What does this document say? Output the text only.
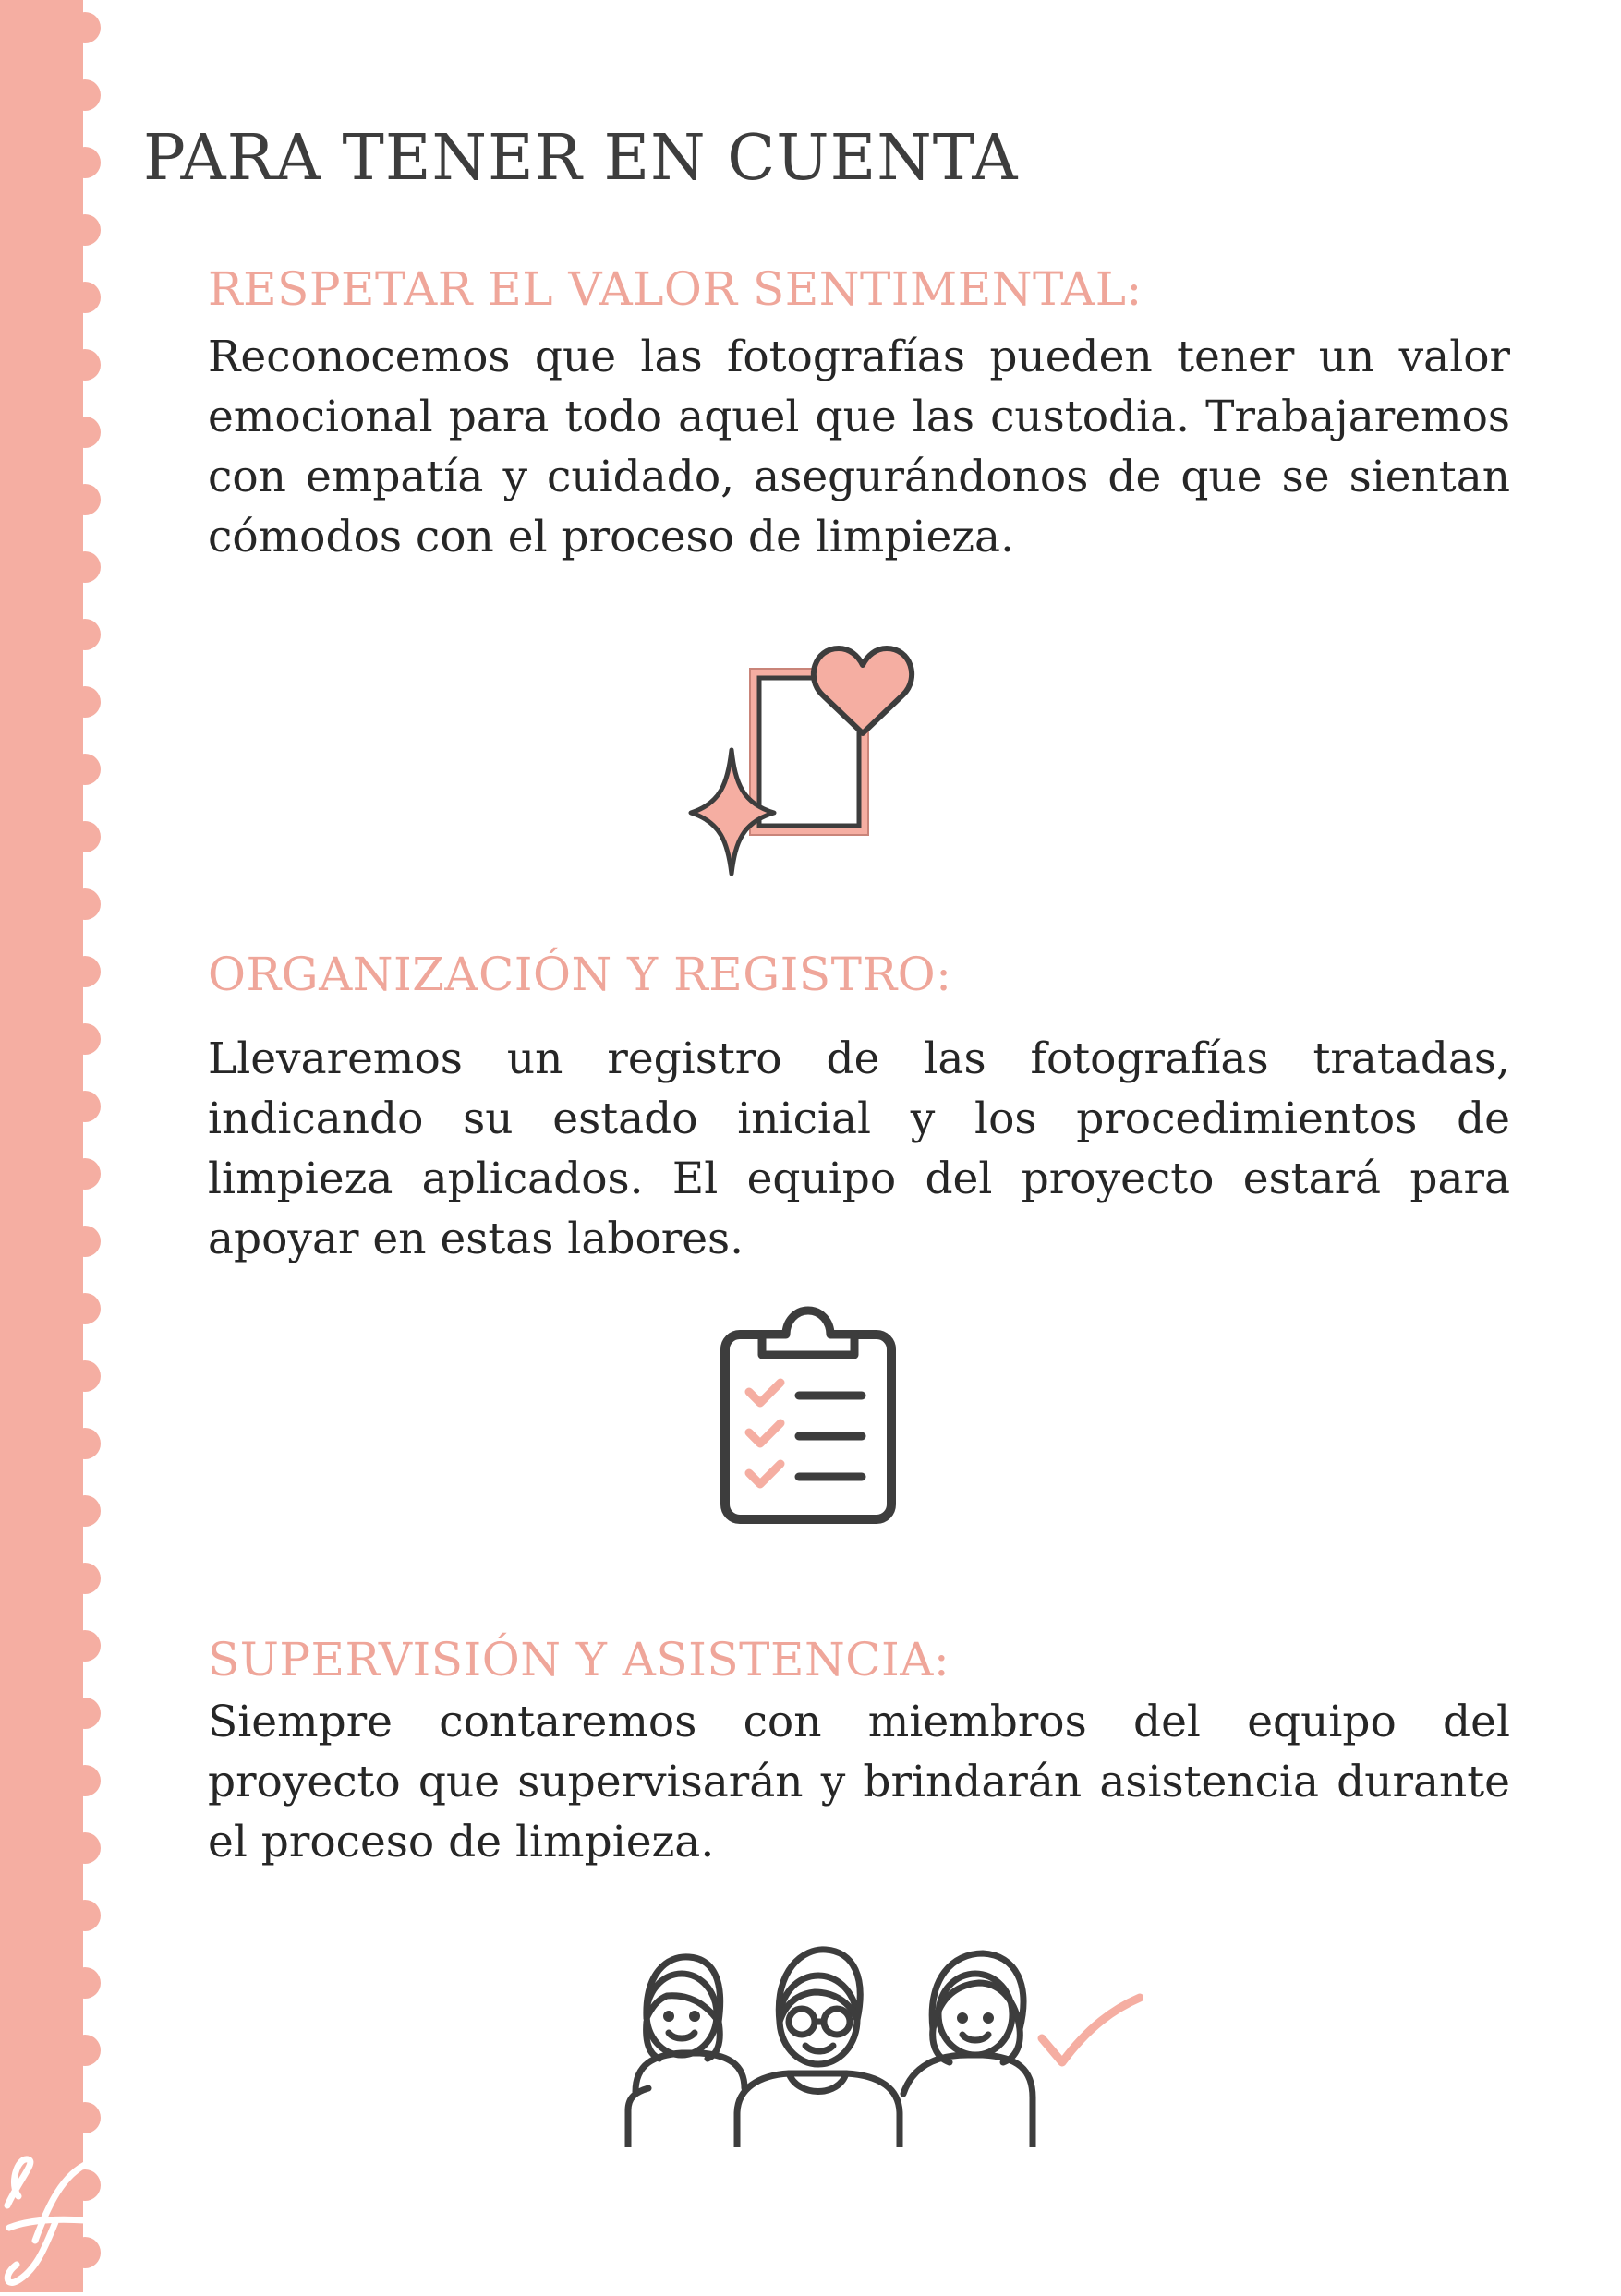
PARA TENER EN CUENTA
RESPETAR EL VALOR SENTIMENTAL:

Reconocemos que las fotografías pueden tener un valor emocional para todo aquel que las custodia. Trabajaremos con empatía y cuidado, asegurándonos de que se sientan cómodos con el proceso de limpieza.

ORGANIZACIÓN Y REGISTRO:

Llevaremos un registro de las fotografías tratadas, indicando su estado inicial y los procedimientos de limpieza aplicados. El equipo del proyecto estará para apoyar en estas labores.

SUPERVISIÓN Y ASISTENCIA:

Siempre contaremos con miembros del equipo del proyecto que supervisarán y brindarán asistencia durante el proceso de limpieza.
